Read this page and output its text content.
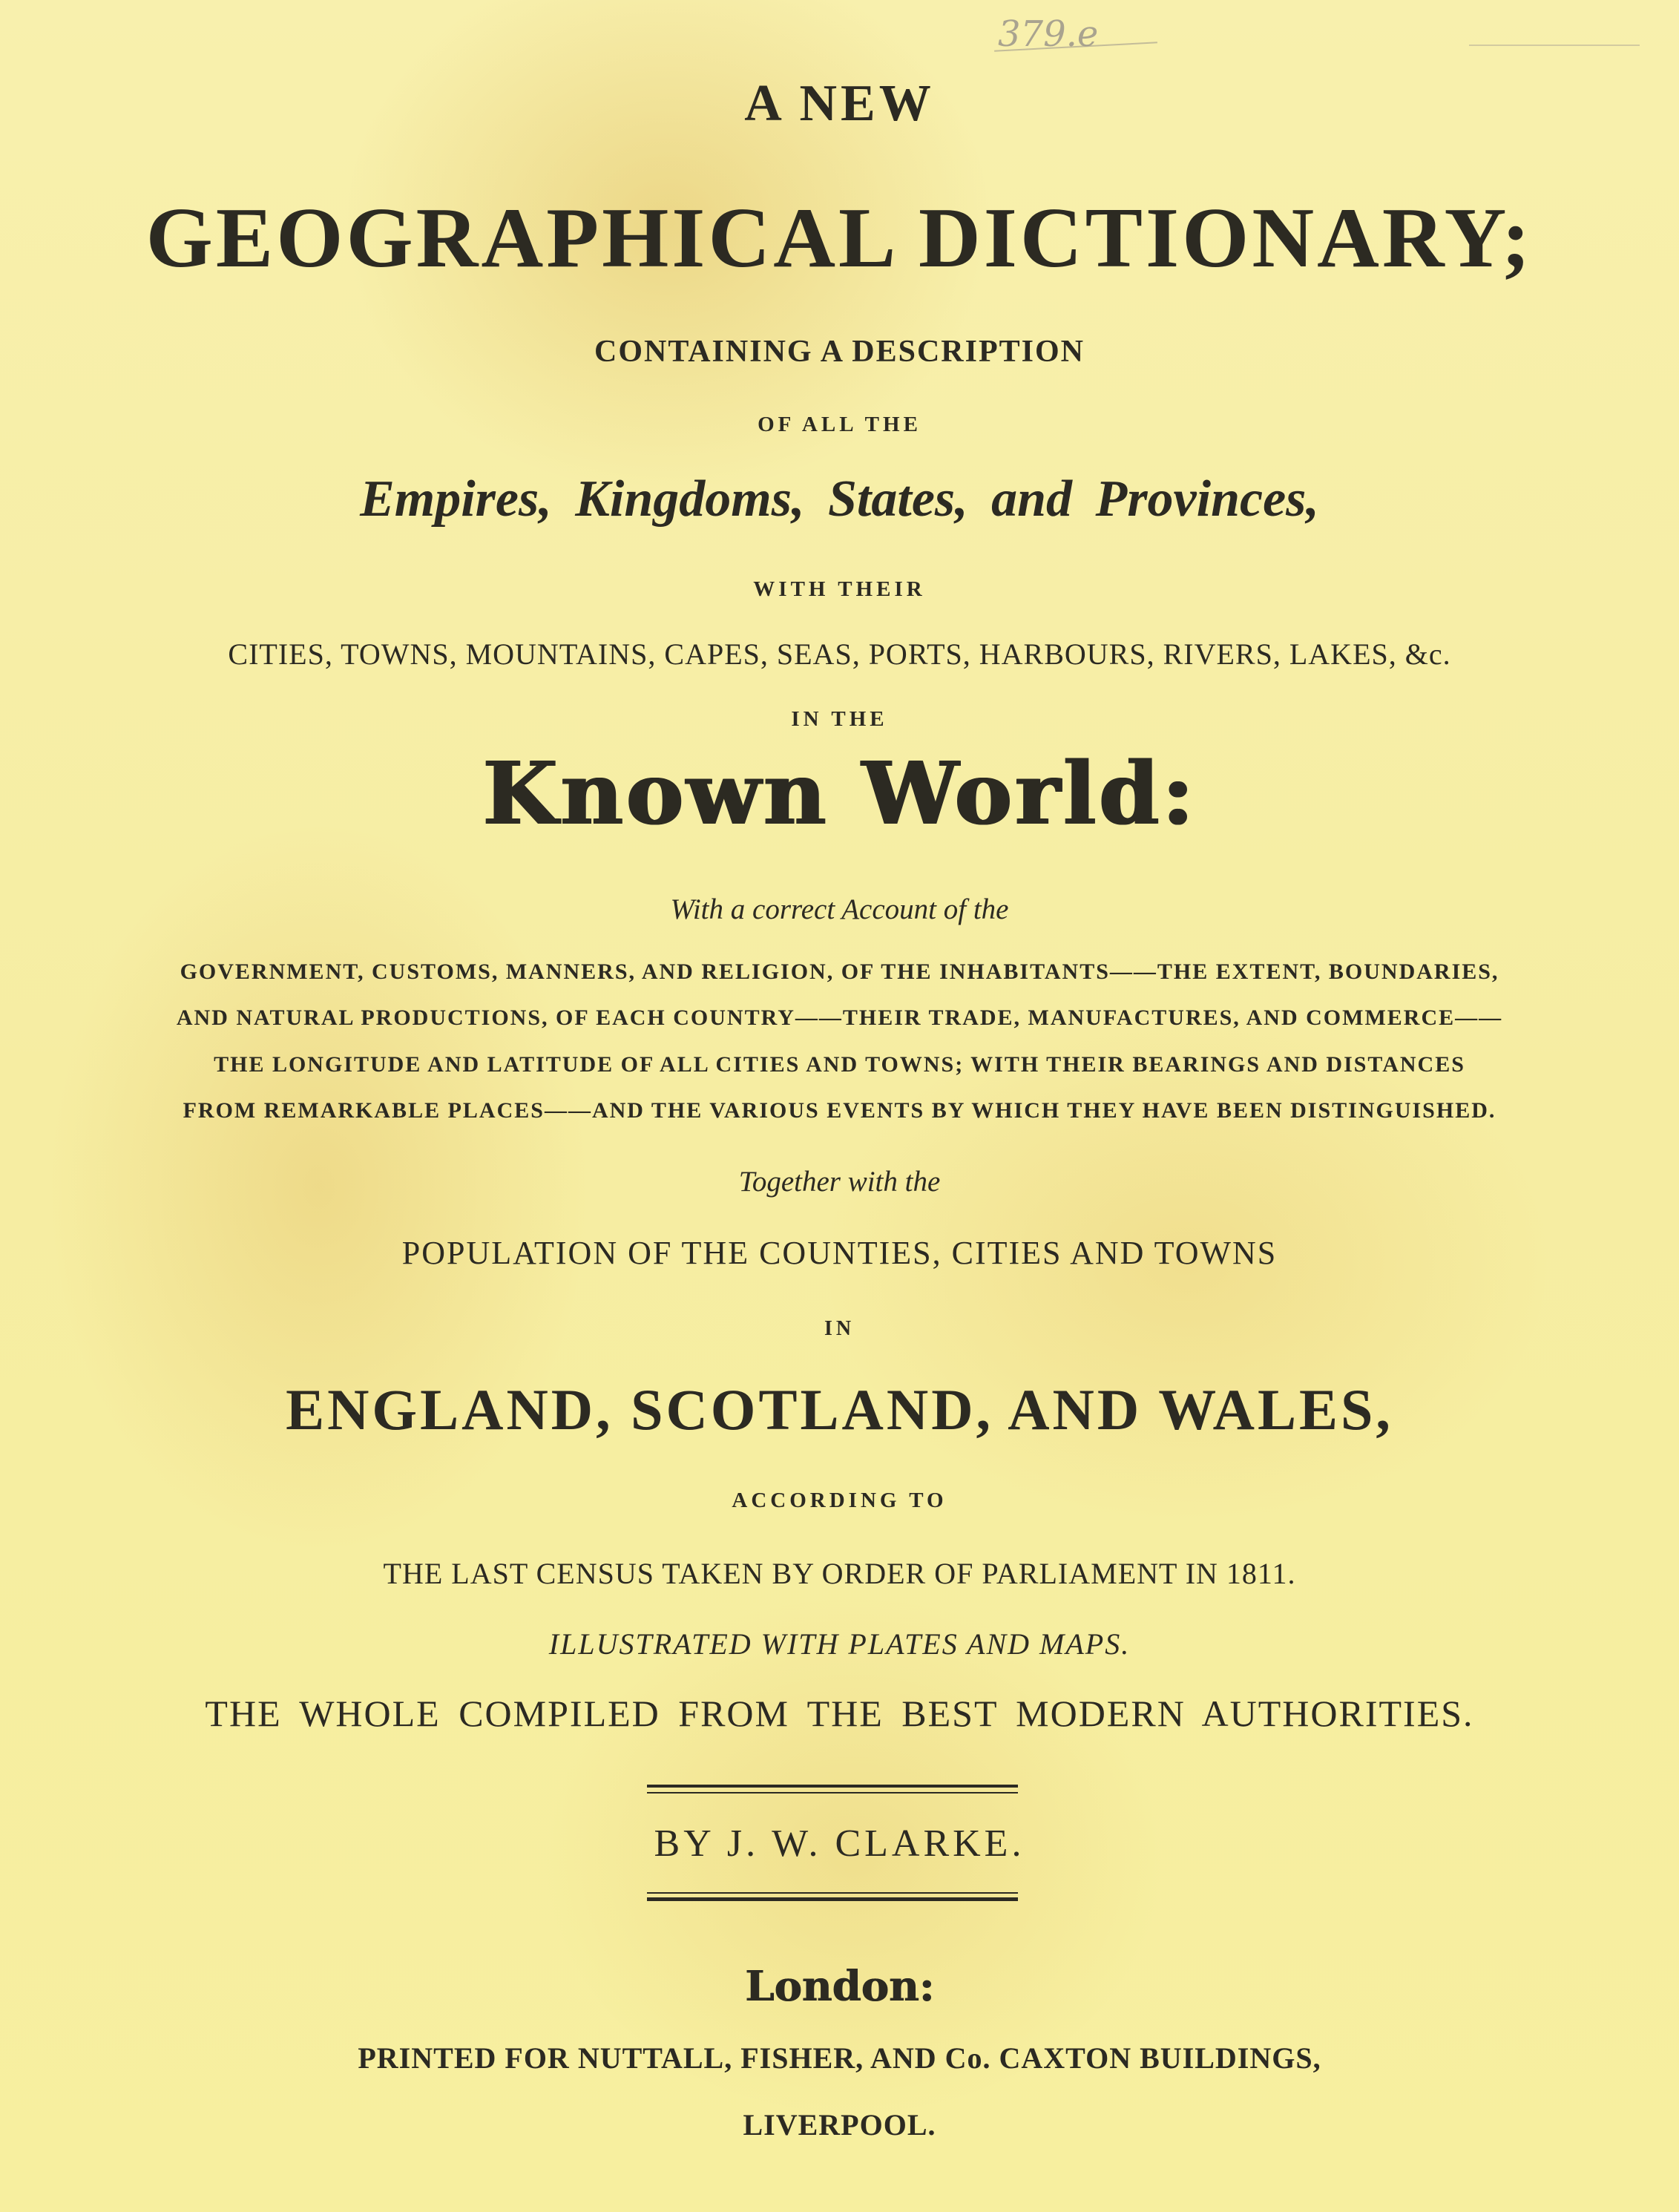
379.e

A NEW

GEOGRAPHICAL DICTIONARY;

CONTAINING A DESCRIPTION

OF ALL THE

Empires, Kingdoms, States, and Provinces,

WITH THEIR

CITIES, TOWNS, MOUNTAINS, CAPES, SEAS, PORTS, HARBOURS, RIVERS, LAKES, &c.

IN THE

Known World:

With a correct Account of the

GOVERNMENT, CUSTOMS, MANNERS, AND RELIGION, OF THE INHABITANTS——THE EXTENT, BOUNDARIES,

AND NATURAL PRODUCTIONS, OF EACH COUNTRY——THEIR TRADE, MANUFACTURES, AND COMMERCE——

THE LONGITUDE AND LATITUDE OF ALL CITIES AND TOWNS; WITH THEIR BEARINGS AND DISTANCES

FROM REMARKABLE PLACES——AND THE VARIOUS EVENTS BY WHICH THEY HAVE BEEN DISTINGUISHED.

Together with the

POPULATION OF THE COUNTIES, CITIES AND TOWNS

IN

ENGLAND, SCOTLAND, AND WALES,

ACCORDING TO

THE LAST CENSUS TAKEN BY ORDER OF PARLIAMENT IN 1811.

ILLUSTRATED WITH PLATES AND MAPS.

THE WHOLE COMPILED FROM THE BEST MODERN AUTHORITIES.

BY J. W. CLARKE.

London:

PRINTED FOR NUTTALL, FISHER, AND Co. CAXTON BUILDINGS,

LIVERPOOL.
